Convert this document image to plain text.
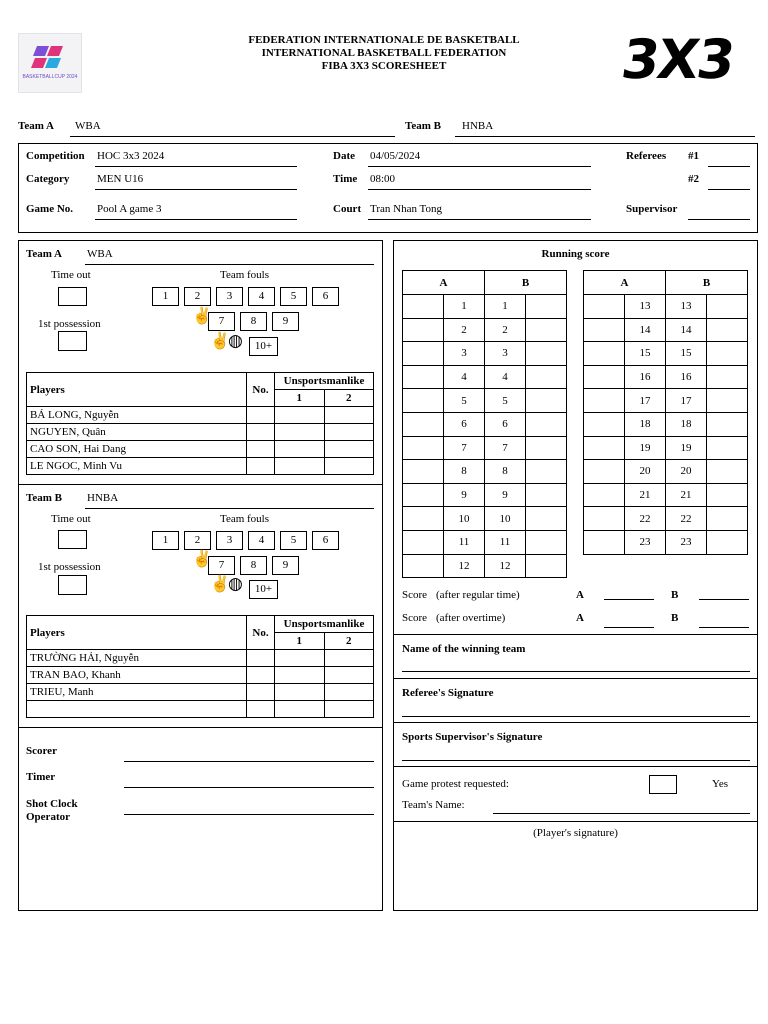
BASKETBALLCUP 2024
FEDERATION INTERNATIONALE DE BASKETBALL
INTERNATIONAL BASKETBALL FEDERATION
FIBA 3X3 SCORESHEET	3X3
Team A WBA	Team B HNBA
Competition HOC 3x3 2024
Category	MEN U16
Game No. Pool A game 3
Date 04/05/2024
Time 08:00
Court Tran Nhan Tong
Referees #1
#2
Supervisor
Team A WBA
Time out	Team fouls
1	2	3	4	5	6
✌ 7	8	9
✌
◍	10+
1st possession
Players	No.	Unsportsmanlike	
		1	2
BÁ LONG, Nguyễn			
NGUYEN, Quân			
CAO SON, Hai Dang			
LE NGOC, Minh Vu			
Team B HNBA
Time out	Team fouls
1	2	3	4	5	6
✌ 7	8	9
✌
◍	10+
1st possession
Players	No.	Unsportsmanlike	
		1	2
TRƯỜNG HẢI, Nguyễn			
TRAN BAO, Khanh			
TRIEU, Manh			

Scorer
Timer
Shot Clock
Operator
Running score
A		B	
	1	1	
	2	2	
	3	3	
	4	4	
	5	5	
	6	6	
	7	7	
	8	8	
	9	9	
	10	10	
	11	11	
	12	12	
A		B	
	13	13	
	14	14	
	15	15	
	16	16	
	17	17	
	18	18	
	19	19	
	20	20	
	21	21	
	22	22	
	23	23	
Score (after regular time)	A	B
Score (after overtime)	A	B
Name of the winning team
Referee's Signature
Sports Supervisor's Signature
Game protest requested:	Yes
Team's Name:
(Player's signature)
